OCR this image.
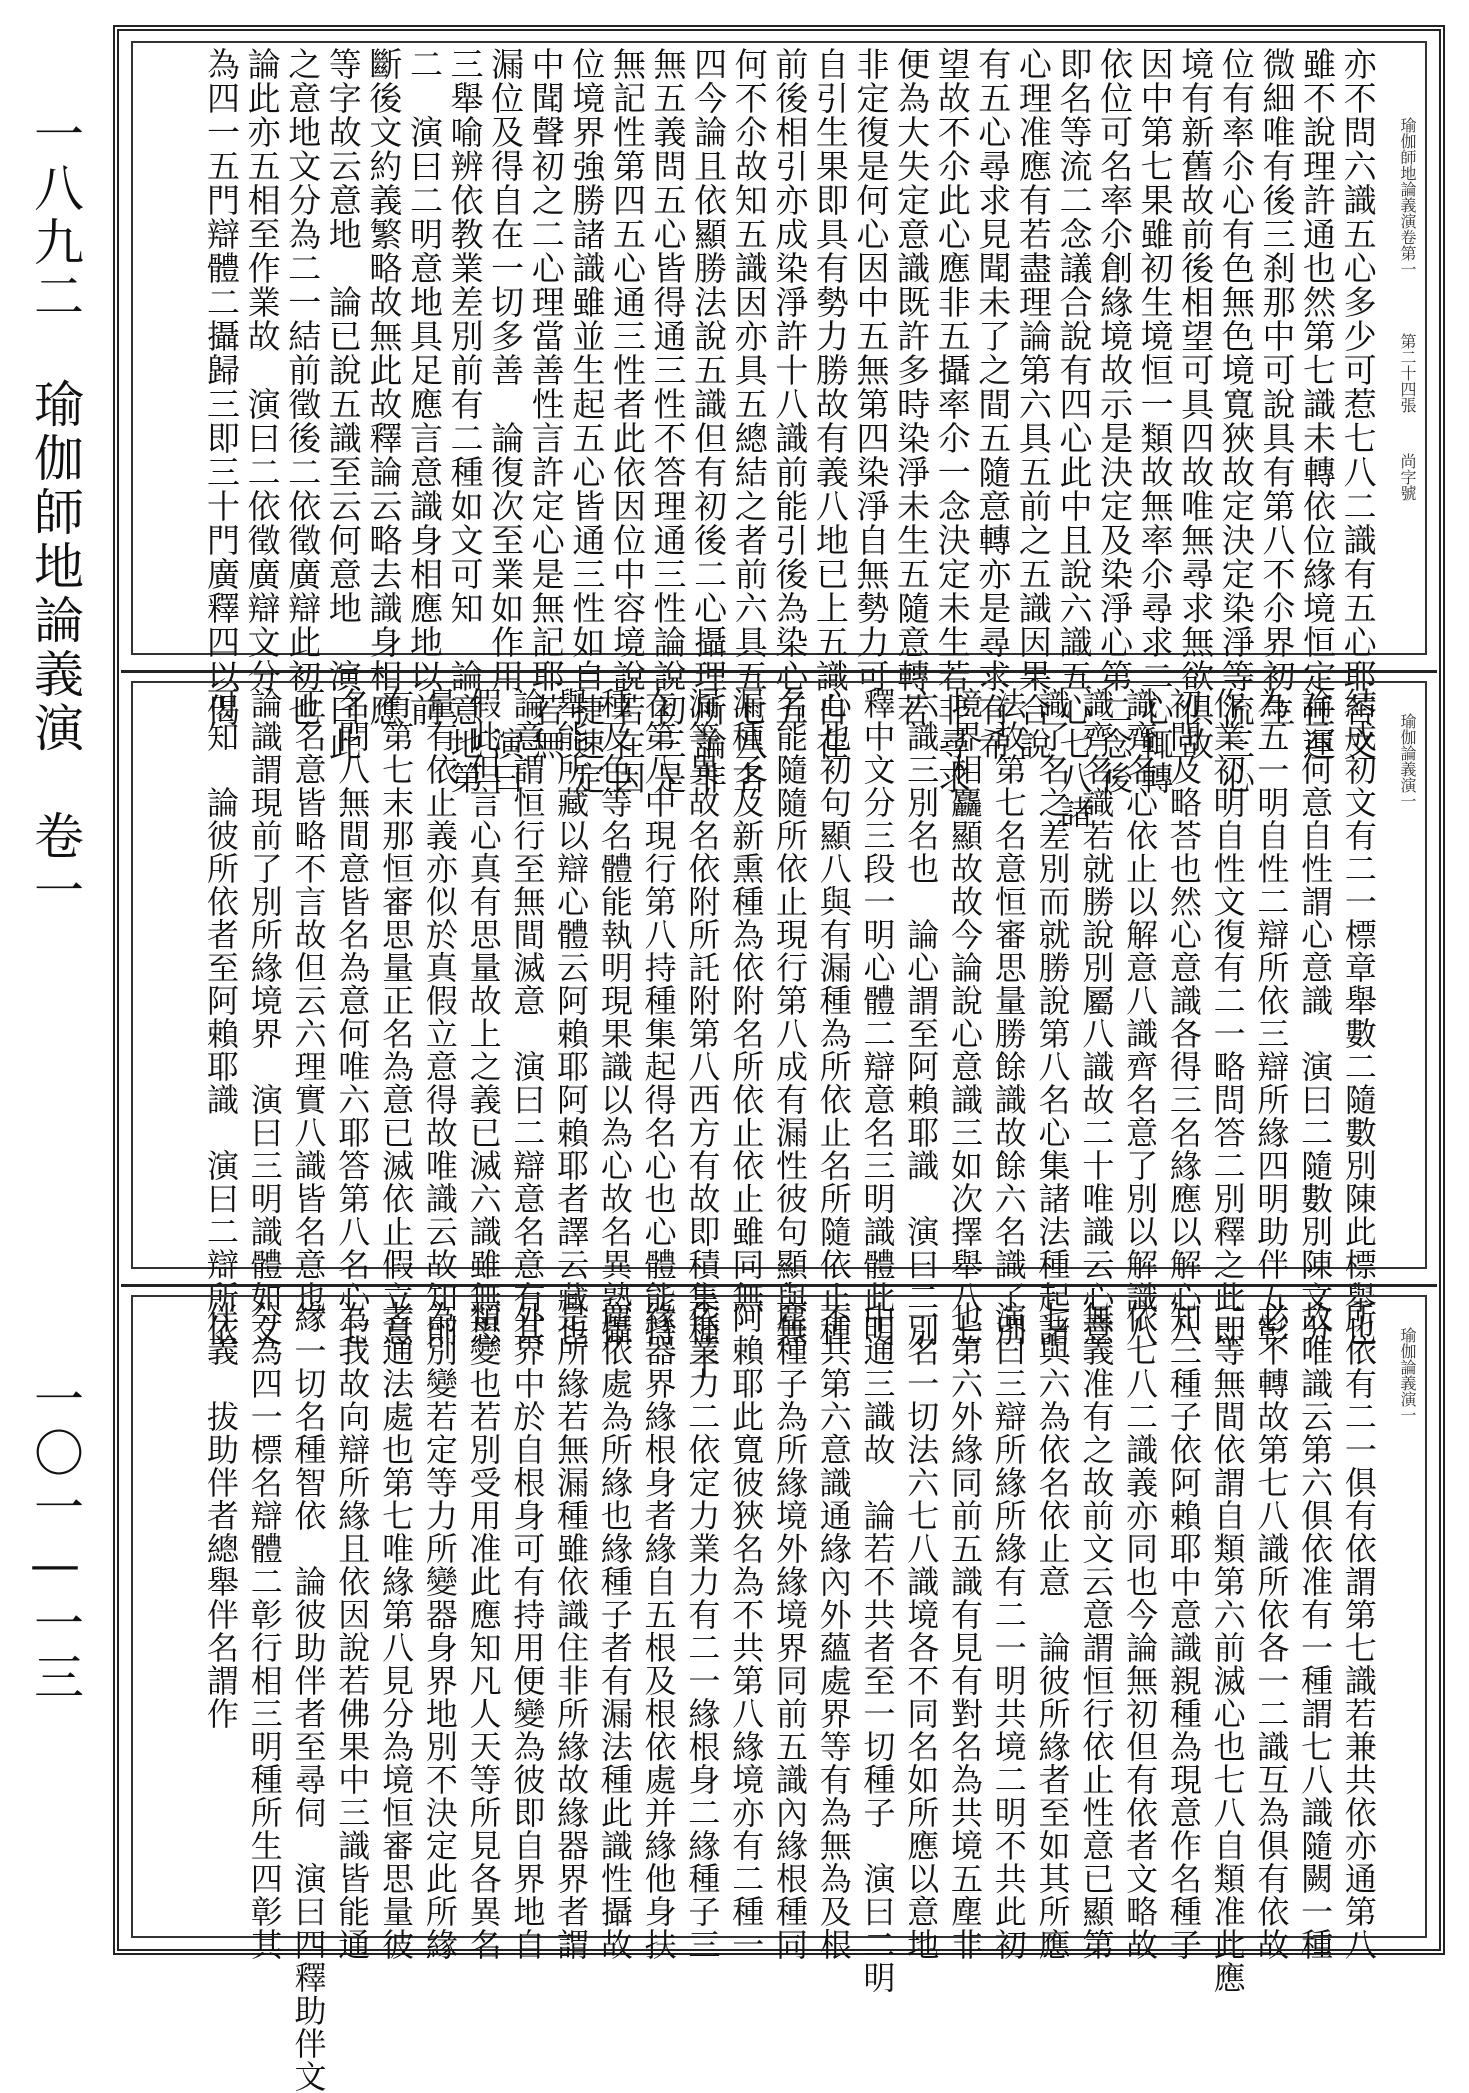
一八九二　瑜伽師地論義演　卷一
一〇一—一三
瑜伽師地論義演卷第一
第二十四張
尚字號
亦不問六識五心多少可惹七八二識有五心耶荅文
雖不說理許通也然第七識未轉依位緣境恒定任運
微細唯有後三刹那中可說具有第八不尒界初生
位有率尒心有色無色境寬狹故定決定染淨等流三心
境有新舊故前後相望可具四故唯無尋求無欲俱故
因中第七果雖初生境恒一類故無率尒尋求二心輒轉
依位可名率尒創緣境故示是決定及染淨心第二念後
即名等流二念議合說有四心此中且說六識五心七八諸
心理准應有若盡理論第六具五前之五識因果合說
有五心尋求見聞未了之間五隨意轉亦是尋求有希
望故不尒此心應非五攝率尒一念決定未生若非尋求
便為大失定意識既許多時染淨未生五隨意轉若
非定復是何心因中五無第四染淨自無勢力可
自引生果即具有勢力勝故有義八地已上五識自在
前後相引亦成染淨許十八識前能引後為染心五
何不尒故知五識因亦具五總結之者前六具五七八各
四今論且依顯勝法說五識但有初後二心攝理所論非
無五義問五心皆得通三性不答理通三性論說初三是
無記性第四五心通三性者此依因位中容境說若在因
位境界強勝諸識雖並生起五心皆通三性如自捷速定
中聞聲初之二心理當善性言許定心是無記耶若無
漏位及得自在一切多善　論復次至業如作用　演曰
三舉喻辨依教業差別前有二種如文可知　論意地第
二　演曰二明意地具足應言意識身相應地以前
斷後文約義繁略故無此故釋論云略去識身相應
等字故云意地　論已說五識至云何意地　演曰此
之意地文分為二一結前徵後二依徵廣辯此初也
論此亦五相至作業故　演曰二依徵廣辯文分
為四一五門辯體二攝歸三即三十門廣釋四以偈
瑜伽論義演一
結成初文有二一標章舉數二隨數別陳此標舉也
論云何意自性謂心意識　演曰二隨數別陳文分
為五一明自性二辯所依三辯所緣四明助伴五彰
作業初明自性文復有二一略問答二別釋之此即
初問及略荅也然心意識各得三名緣應以解心八
識齊名心依止以解意八識齊名意了別以解識八
識齊名識若就勝說別屬八識故二十唯識云心意
識了名之差別而就勝說第八名心集諸法種起諸
法故第七名意恒審思量勝餘識故餘六名識了別
境界相麤顯故故今論說心意識三如次擇舉八七
六識三別名也　論心謂至阿賴耶識　演曰二別
釋中文分三段一明心體二辯意名三明識體此明
心也初句顯八與有漏種為所依止名所隨依止種
名能隨隨所依止現行第八成有漏性彼句顯與無
漏種子及新熏種為依附名所依止依止雖同無
漏等異故名依附所託附第八西方有故即積集種子
在第八中現行第八持種集起得名心也心體能持
種及色等名體能執明現果識以為心故名異熟攝
舉能所藏以辯心體云阿賴耶阿賴耶者譯云藏也
論意謂恒行至無間滅意　演曰二辯意名意有其
假此但言心真有思量故上之義已滅六識雖無思
量有依止義亦似於真假立意得故唯識云故知則
有第七末那恒審思量正名為意已滅依止假立意
名問八無間意皆名為意何唯六耶答第八名心七
正名意皆略不言故但云六理實八識皆名意也
論識謂現前了別所緣境界　演曰三明識體如文
可知　論彼所依者至阿賴耶識　演曰二辯所依
瑜伽論義演一
所依有二一俱有依謂第七識若兼共依亦通第八
故唯識云第六俱依准有一種謂七八識隨闕一種
必不轉故第七八識所依各一二識互為俱有依故
二等無間依謂自類第六前滅心也七八自類准此應
知三種子依阿賴耶中意識親種為現意作名種子
依七八二識義亦同也今論無初但有依者文略故
無義准有之故前文云意謂恒行依止性意已顯第
七與六為依名依止意　論彼所緣者至如其所應
演曰三辯所緣所緣有二一明共境二明不共此初
也第六外緣同前五識有見有對名為共境五塵非
一名一切法六七八識境各不同名如所應以意地
中通三識故　論若不共者至一切種子　演曰二明
不共第六意識通緣內外蘊處界等有為無為及根
塵種子為所緣境外緣境界同前五識內緣根種同
阿賴耶此寬彼狹名為不共第八緣境亦有二種一
依業力二依定力業力有二一緣根身二緣種子三
緣器界緣根身者緣自五根及根依處并緣他身扶
塵依處為所緣也緣種子者有漏法種此識性攝故
是所緣若無漏種雖依識住非所緣故緣器界者謂
外界中於自根身可有持用便變為彼即自界地自
類變也若別受用准此應知凡人天等所見各異名
為別變若定等力所變器身界地別不決定此所緣
者通法處也第七唯緣第八見分為境恒審思量彼
為我故向辯所緣且依因說若佛果中三識皆能通
緣一切名種智依　論彼助伴者至尋伺　演曰四釋助伴文
分為四一標名辯體二彰行相三明種所生四彰其
伴義　拔助伴者總舉伴名謂作
